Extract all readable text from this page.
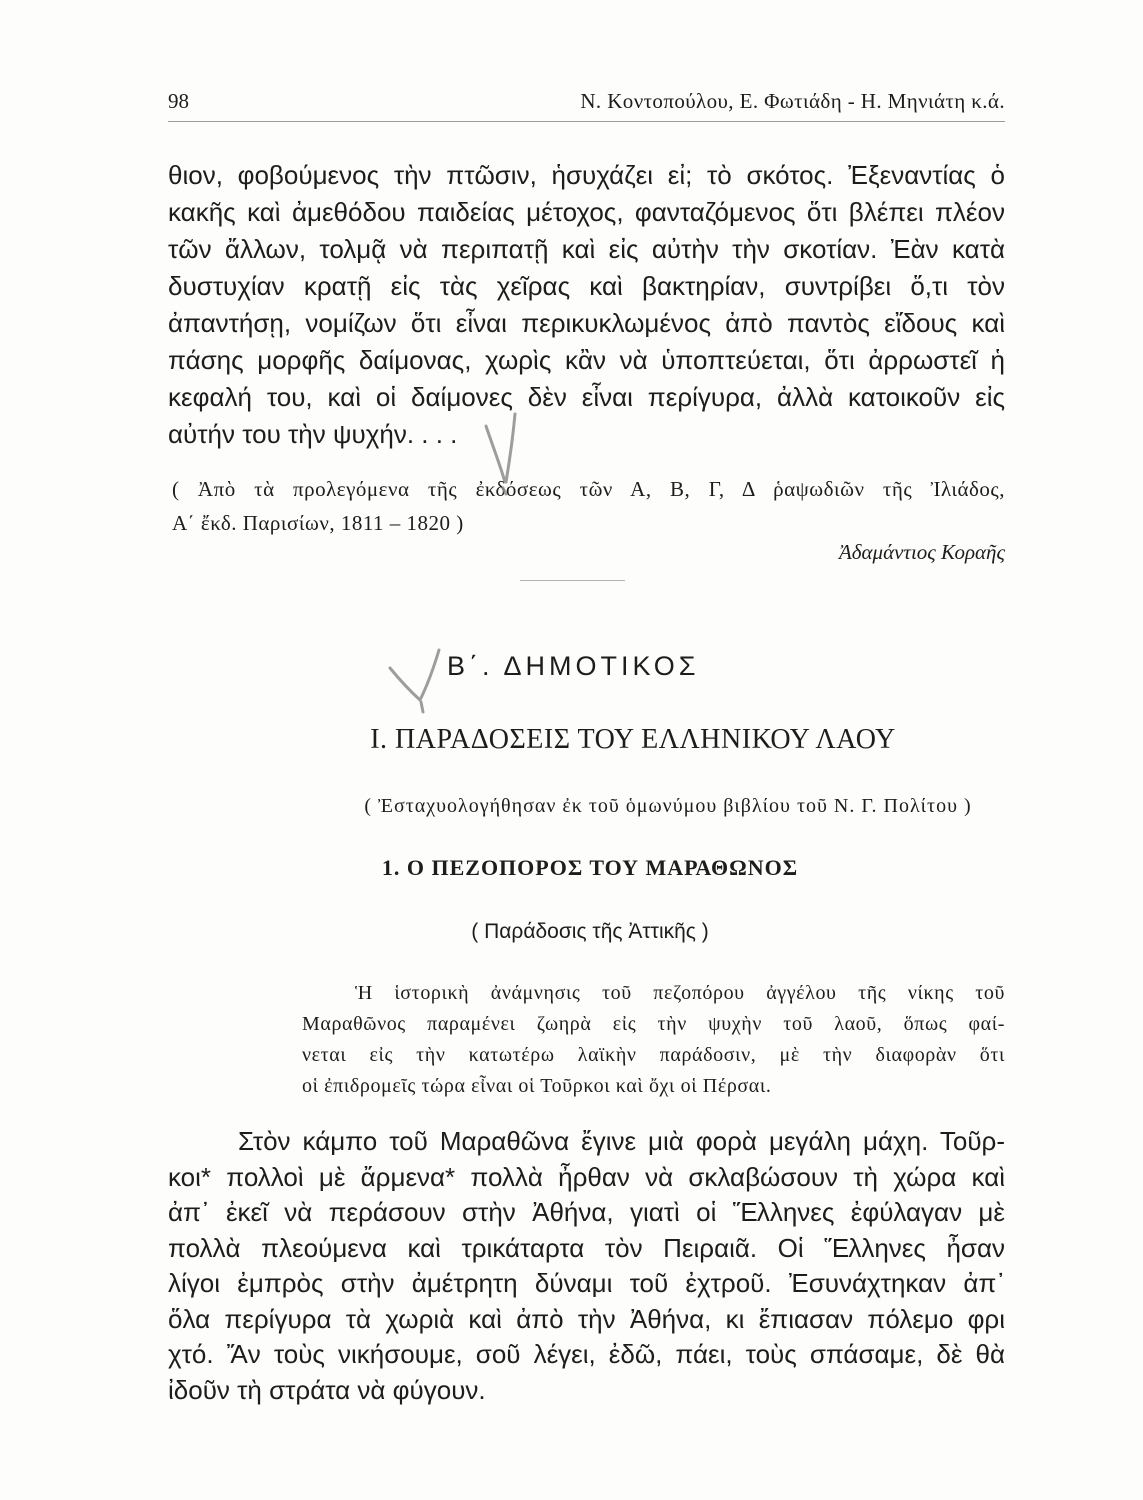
98	Ν. Κοντοπούλου, Ε. Φωτιάδη - Η. Μηνιάτη κ.ά.
θιον, φοβούμενος τὴν πτῶσιν, ἡσυχάζει εἰ; τὸ σκότος. Ἐξεναντίας ὁ
κακῆς καὶ ἀμεθόδου παιδείας μέτοχος, φανταζόμενος ὅτι βλέπει πλέον
τῶν ἄλλων, τολμᾷ νὰ περιπατῇ καὶ εἰς αὐτὴν τὴν σκοτίαν. Ἐὰν κατὰ
δυστυχίαν κρατῇ εἰς τὰς χεῖρας καὶ βακτηρίαν, συντρίβει ὅ,τι τὸν
ἀπαντήσῃ, νομίζων ὅτι εἶναι περικυκλωμένος ἀπὸ παντὸς εἴδους καὶ
πάσης μορφῆς δαίμονας, χωρὶς κἂν νὰ ὑποπτεύεται, ὅτι ἀρρωστεῖ ἡ
κεφαλή του, καὶ οἱ δαίμονες δὲν εἶναι περίγυρα, ἀλλὰ κατοικοῦν εἰς
αὐτήν του τὴν ψυχήν. . . .
( Ἀπὸ τὰ προλεγόμενα τῆς ἐκδόσεως τῶν Α, Β, Γ, Δ ῥαψωδιῶν τῆς Ἰλιάδος,
Α΄ ἔκδ. Παρισίων, 1811 – 1820 )
Ἀδαμάντιος Κοραῆς
Β΄. ΔΗΜΟΤΙΚΟΣ
Ι. ΠΑΡΑΔΟΣΕΙΣ ΤΟΥ ΕΛΛΗΝΙΚΟΥ ΛΑΟΥ
( Ἐσταχυολογήθησαν ἐκ τοῦ ὁμωνύμου βιβλίου τοῦ Ν. Γ. Πολίτου )
1. Ο ΠΕΖΟΠΟΡΟΣ ΤΟΥ ΜΑΡΑΘΩΝΟΣ
( Παράδοσις τῆς Ἀττικῆς )
Ἡ ἱστορικὴ ἀνάμνησις τοῦ πεζοπόρου ἀγγέλου τῆς νίκης τοῦ
Μαραθῶνος παραμένει ζωηρὰ εἰς τὴν ψυχὴν τοῦ λαοῦ, ὅπως φαί-
νεται εἰς τὴν κατωτέρω λαϊκὴν παράδοσιν, μὲ τὴν διαφορὰν ὅτι
οἱ ἐπιδρομεῖς τώρα εἶναι οἱ Τοῦρκοι καὶ ὄχι οἱ Πέρσαι.
Στὸν κάμπο τοῦ Μαραθῶνα ἔγινε μιὰ φορὰ μεγάλη μάχη. Τοῦρ-
κοι* πολλοὶ μὲ ἄρμενα* πολλὰ ἦρθαν νὰ σκλαβώσουν τὴ χώρα καὶ
ἀπ᾽ ἐκεῖ νὰ περάσουν στὴν Ἀθήνα, γιατὶ οἱ Ἕλληνες ἐφύλαγαν μὲ
πολλὰ πλεούμενα καὶ τρικάταρτα τὸν Πειραιᾶ. Οἱ Ἕλληνες ἦσαν
λίγοι ἐμπρὸς στὴν ἀμέτρητη δύναμι τοῦ ἐχτροῦ. Ἐσυνάχτηκαν ἀπ᾽
ὅλα περίγυρα τὰ χωριὰ καὶ ἀπὸ τὴν Ἀθήνα, κι ἔπιασαν πόλεμο φρι
χτό. Ἄν τοὺς νικήσουμε, σοῦ λέγει, ἐδῶ, πάει, τοὺς σπάσαμε, δὲ θὰ
ἰδοῦν τὴ στράτα νὰ φύγουν.
